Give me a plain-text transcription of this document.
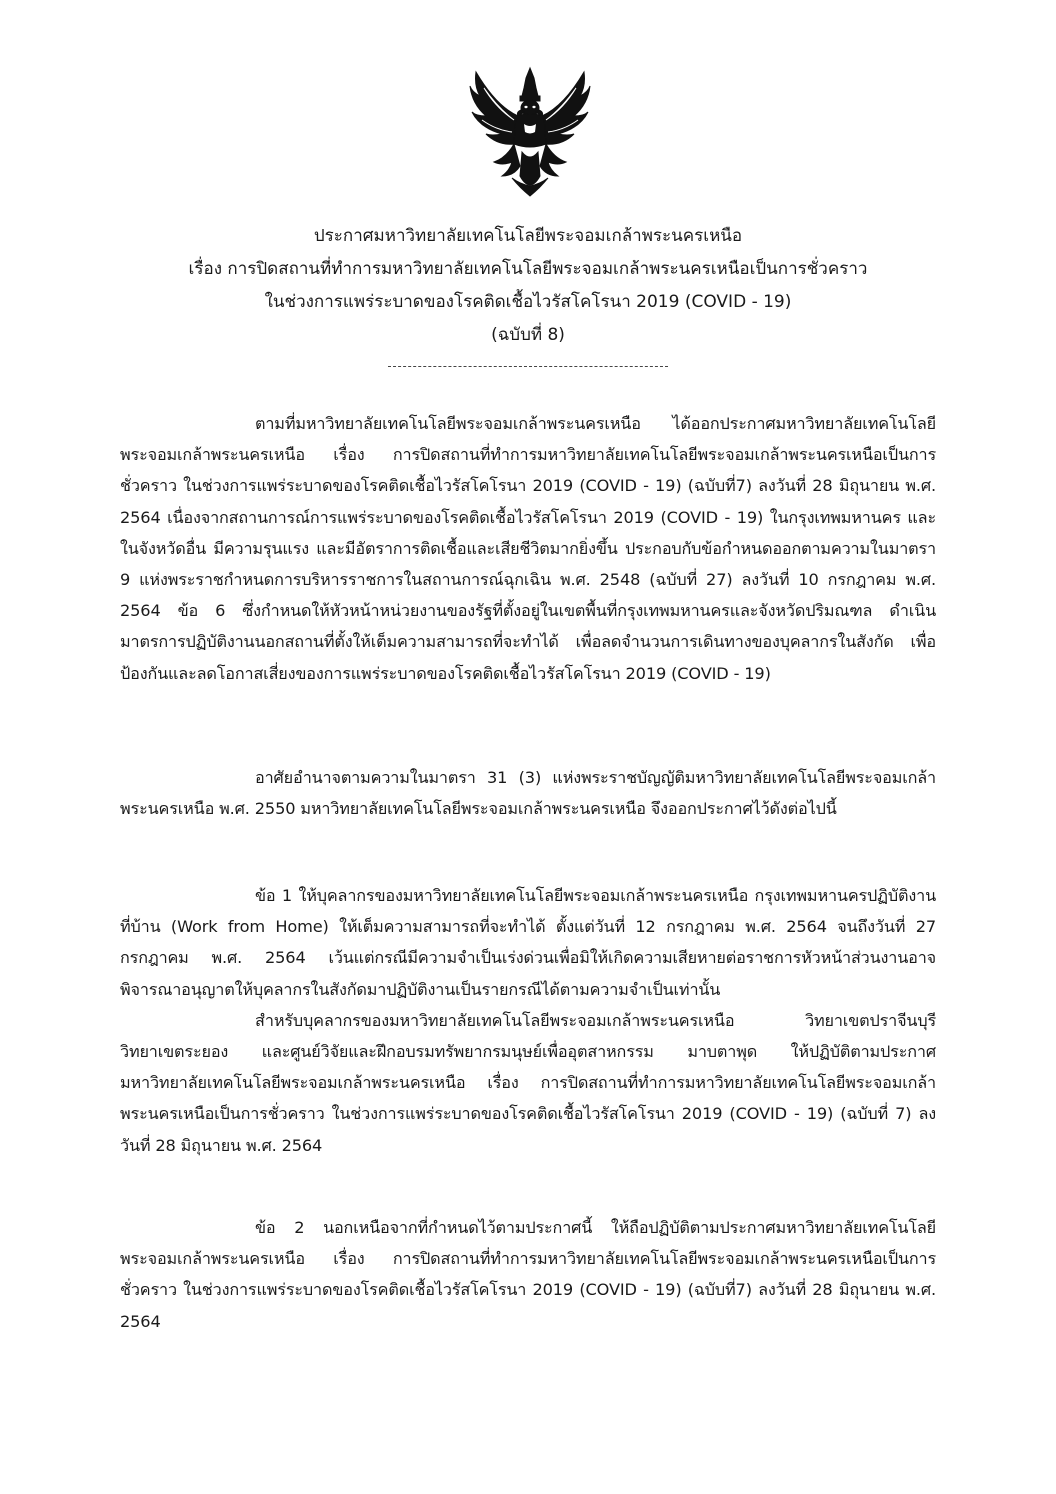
ประกาศมหาวิทยาลัยเทคโนโลยีพระจอมเกล้าพระนครเหนือ
เรื่อง การปิดสถานที่ทำการมหาวิทยาลัยเทคโนโลยีพระจอมเกล้าพระนครเหนือเป็นการชั่วคราว
ในช่วงการแพร่ระบาดของโรคติดเชื้อไวรัสโคโรนา 2019 (COVID - 19)
(ฉบับที่ 8)

ตามที่มหาวิทยาลัยเทคโนโลยีพระจอมเกล้าพระนครเหนือ ได้ออกประกาศมหาวิทยาลัยเทคโนโลยีพระจอมเกล้าพระนครเหนือ เรื่อง การปิดสถานที่ทำการมหาวิทยาลัยเทคโนโลยีพระจอมเกล้าพระนครเหนือเป็นการชั่วคราว ในช่วงการแพร่ระบาดของโรคติดเชื้อไวรัสโคโรนา 2019 (COVID - 19) (ฉบับที่7) ลงวันที่ 28 มิถุนายน พ.ศ. 2564 เนื่องจากสถานการณ์การแพร่ระบาดของโรคติดเชื้อไวรัสโคโรนา 2019 (COVID - 19) ในกรุงเทพมหานคร และในจังหวัดอื่น มีความรุนแรง และมีอัตราการติดเชื้อและเสียชีวิตมากยิ่งขึ้น ประกอบกับข้อกำหนดออกตามความในมาตรา 9 แห่งพระราชกำหนดการบริหารราชการในสถานการณ์ฉุกเฉิน พ.ศ. 2548 (ฉบับที่ 27) ลงวันที่ 10 กรกฎาคม พ.ศ. 2564 ข้อ 6 ซึ่งกำหนดให้หัวหน้าหน่วยงานของรัฐที่ตั้งอยู่ในเขตพื้นที่กรุงเทพมหานครและจังหวัดปริมณฑล ดำเนินมาตรการปฏิบัติงานนอกสถานที่ตั้งให้เต็มความสามารถที่จะทำได้ เพื่อลดจำนวนการเดินทางของบุคลากรในสังกัด เพื่อป้องกันและลดโอกาสเสี่ยงของการแพร่ระบาดของโรคติดเชื้อไวรัสโคโรนา 2019 (COVID - 19)

อาศัยอำนาจตามความในมาตรา 31 (3) แห่งพระราชบัญญัติมหาวิทยาลัยเทคโนโลยีพระจอมเกล้าพระนครเหนือ พ.ศ. 2550 มหาวิทยาลัยเทคโนโลยีพระจอมเกล้าพระนครเหนือ จึงออกประกาศไว้ดังต่อไปนี้

ข้อ 1 ให้บุคลากรของมหาวิทยาลัยเทคโนโลยีพระจอมเกล้าพระนครเหนือ กรุงเทพมหานครปฏิบัติงานที่บ้าน (Work from Home) ให้เต็มความสามารถที่จะทำได้ ตั้งแต่วันที่ 12 กรกฎาคม พ.ศ. 2564 จนถึงวันที่ 27 กรกฎาคม พ.ศ. 2564 เว้นแต่กรณีมีความจำเป็นเร่งด่วนเพื่อมิให้เกิดความเสียหายต่อราชการหัวหน้าส่วนงานอาจพิจารณาอนุญาตให้บุคลากรในสังกัดมาปฏิบัติงานเป็นรายกรณีได้ตามความจำเป็นเท่านั้น

สำหรับบุคลากรของมหาวิทยาลัยเทคโนโลยีพระจอมเกล้าพระนครเหนือ วิทยาเขตปราจีนบุรี วิทยาเขตระยอง และศูนย์วิจัยและฝึกอบรมทรัพยากรมนุษย์เพื่ออุตสาหกรรม มาบตาพุด ให้ปฏิบัติตามประกาศมหาวิทยาลัยเทคโนโลยีพระจอมเกล้าพระนครเหนือ เรื่อง การปิดสถานที่ทำการมหาวิทยาลัยเทคโนโลยีพระจอมเกล้าพระนครเหนือเป็นการชั่วคราว ในช่วงการแพร่ระบาดของโรคติดเชื้อไวรัสโคโรนา 2019 (COVID - 19) (ฉบับที่ 7) ลงวันที่ 28 มิถุนายน พ.ศ. 2564

ข้อ 2 นอกเหนือจากที่กำหนดไว้ตามประกาศนี้ ให้ถือปฏิบัติตามประกาศมหาวิทยาลัยเทคโนโลยีพระจอมเกล้าพระนครเหนือ เรื่อง การปิดสถานที่ทำการมหาวิทยาลัยเทคโนโลยีพระจอมเกล้าพระนครเหนือเป็นการชั่วคราว ในช่วงการแพร่ระบาดของโรคติดเชื้อไวรัสโคโรนา 2019 (COVID - 19) (ฉบับที่7) ลงวันที่ 28 มิถุนายน พ.ศ. 2564
